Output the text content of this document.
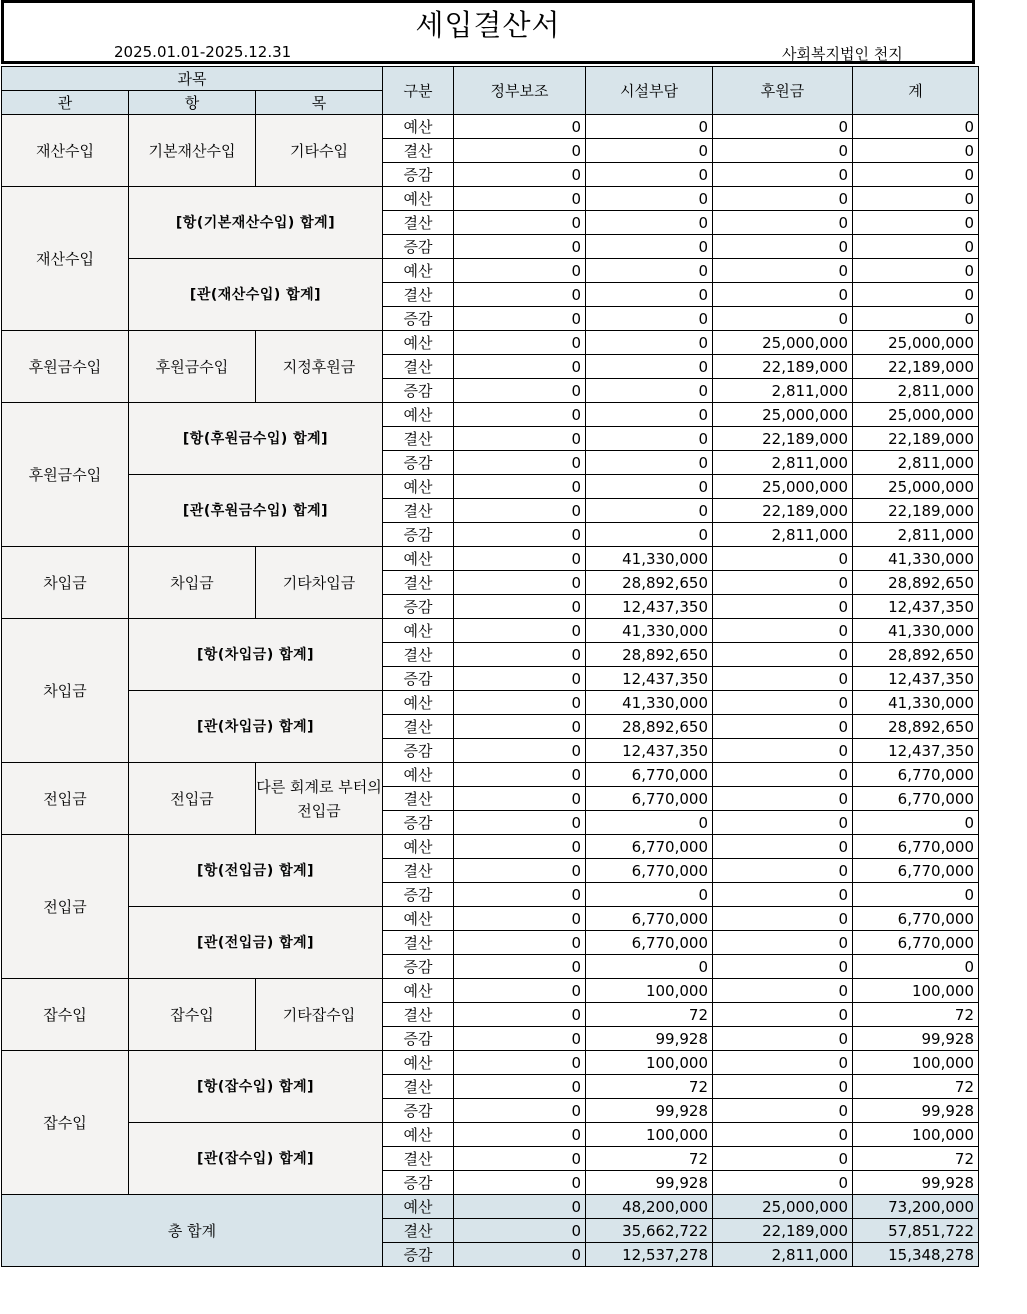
세입결산서
2025.01.01-2025.12.31	사회복지법인 천지
과목			구분	정부보조	시설부담	후원금	계
관	항	목					
재산수입	기본재산수입	기타수입	예산	0	0	0	0
			결산	0	0	0	0
			증감	0	0	0	0
재산수입	[항(기본재산수입) 합계]		예산	0	0	0	0
			결산	0	0	0	0
			증감	0	0	0	0
	[관(재산수입) 합계]		예산	0	0	0	0
			결산	0	0	0	0
			증감	0	0	0	0
후원금수입	후원금수입	지정후원금	예산	0	0	25,000,000	25,000,000
			결산	0	0	22,189,000	22,189,000
			증감	0	0	2,811,000	2,811,000
후원금수입	[항(후원금수입) 합계]		예산	0	0	25,000,000	25,000,000
			결산	0	0	22,189,000	22,189,000
			증감	0	0	2,811,000	2,811,000
	[관(후원금수입) 합계]		예산	0	0	25,000,000	25,000,000
			결산	0	0	22,189,000	22,189,000
			증감	0	0	2,811,000	2,811,000
차입금	차입금	기타차입금	예산	0	41,330,000	0	41,330,000
			결산	0	28,892,650	0	28,892,650
			증감	0	12,437,350	0	12,437,350
차입금	[항(차입금) 합계]		예산	0	41,330,000	0	41,330,000
			결산	0	28,892,650	0	28,892,650
			증감	0	12,437,350	0	12,437,350
	[관(차입금) 합계]		예산	0	41,330,000	0	41,330,000
			결산	0	28,892,650	0	28,892,650
			증감	0	12,437,350	0	12,437,350
전입금	전입금	다른 회계로 부터의 전입금	예산	0	6,770,000	0	6,770,000
			결산	0	6,770,000	0	6,770,000
			증감	0	0	0	0
전입금	[항(전입금) 합계]		예산	0	6,770,000	0	6,770,000
			결산	0	6,770,000	0	6,770,000
			증감	0	0	0	0
	[관(전입금) 합계]		예산	0	6,770,000	0	6,770,000
			결산	0	6,770,000	0	6,770,000
			증감	0	0	0	0
잡수입	잡수입	기타잡수입	예산	0	100,000	0	100,000
			결산	0	72	0	72
			증감	0	99,928	0	99,928
잡수입	[항(잡수입) 합계]		예산	0	100,000	0	100,000
			결산	0	72	0	72
			증감	0	99,928	0	99,928
	[관(잡수입) 합계]		예산	0	100,000	0	100,000
			결산	0	72	0	72
			증감	0	99,928	0	99,928
총 합계			예산	0	48,200,000	25,000,000	73,200,000
			결산	0	35,662,722	22,189,000	57,851,722
			증감	0	12,537,278	2,811,000	15,348,278
